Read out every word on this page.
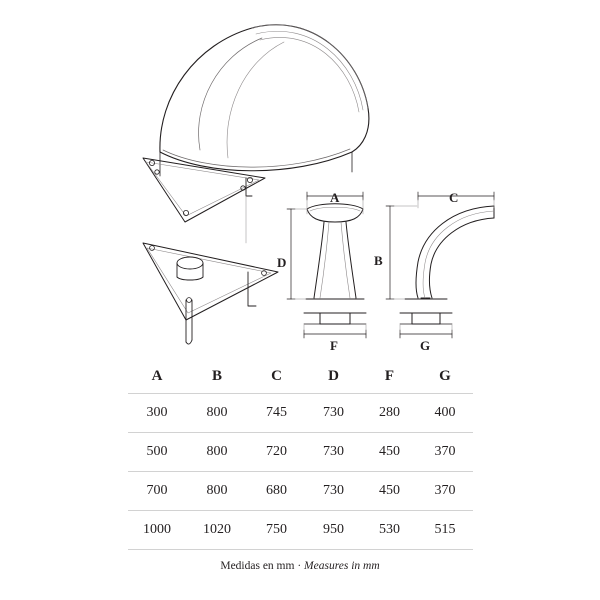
A
B
C
D
F	G
A	B	C	D	F	G
300	800	745	730	280	400
500	800	720	730	450	370
700	800	680	730	450	370
1000	1020	750	950	530	515
Medidas en mm · Measures in mm
